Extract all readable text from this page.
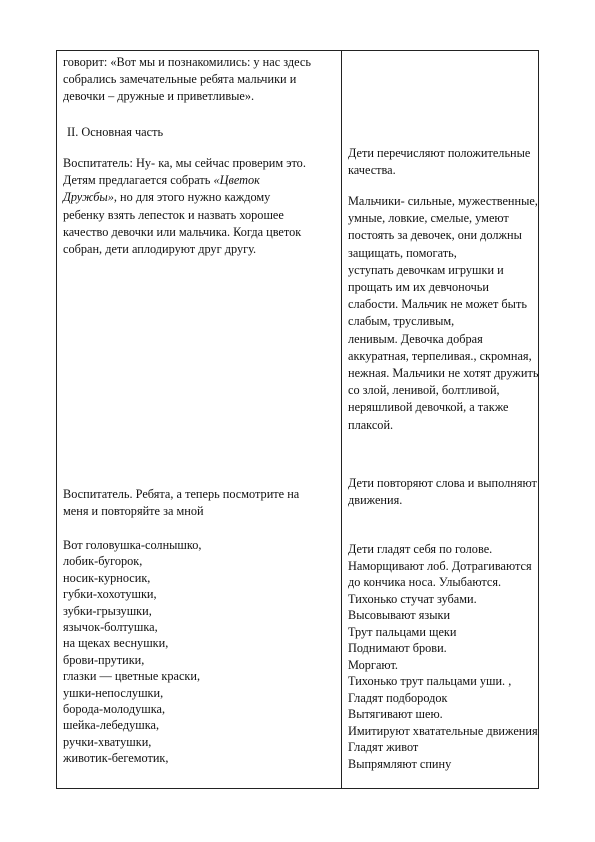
говорит: «Вот мы и познакомились: у нас здесь
собрались замечательные ребята мальчики и
девочки – дружные и приветливые».
II. Основная часть
Воспитатель: Ну- ка, мы сейчас проверим это.
Детям предлагается собрать «Цветок
Дружбы», но для этого нужно каждому
ребенку взять лепесток и назвать хорошее
качество девочки или мальчика. Когда цветок
собран, дети аплодируют друг другу.
Воспитатель. Ребята, а теперь посмотрите на
меня и повторяйте за мной
Вот головушка-солнышко,
лобик-бугорок,
носик-курносик,
губки-хохотушки,
зубки-грызушки,
язычок-болтушка,
на щеках веснушки,
брови-прутики,
глазки — цветные краски,
ушки-непослушки,
борода-молодушка,
шейка-лебедушка,
ручки-хватушки,
животик-бегемотик,
Дети перечисляют положительные
качества.
Мальчики- сильные, мужественные,
умные, ловкие, смелые, умеют
постоять за девочек, они должны
защищать, помогать,
уступать девочкам игрушки и
прощать им их девчоночьи
слабости. Мальчик не может быть
слабым, трусливым,
ленивым. Девочка добрая
аккуратная, терпеливая., скромная,
нежная. Мальчики не хотят дружить
со злой, ленивой, болтливой,
неряшливой девочкой, а также
плаксой.
Дети повторяют слова и выполняют
движения.
Дети гладят себя по голове.
Наморщивают лоб. Дотрагиваются
до кончика носа. Улыбаются.
Тихонько стучат зубами.
Высовывают языки
Трут пальцами щеки
Поднимают брови.
Моргают.
Тихонько трут пальцами уши. ,
Гладят подбородок
Вытягивают шею.
Имитируют хватательные движения
Гладят живот
Выпрямляют спину
